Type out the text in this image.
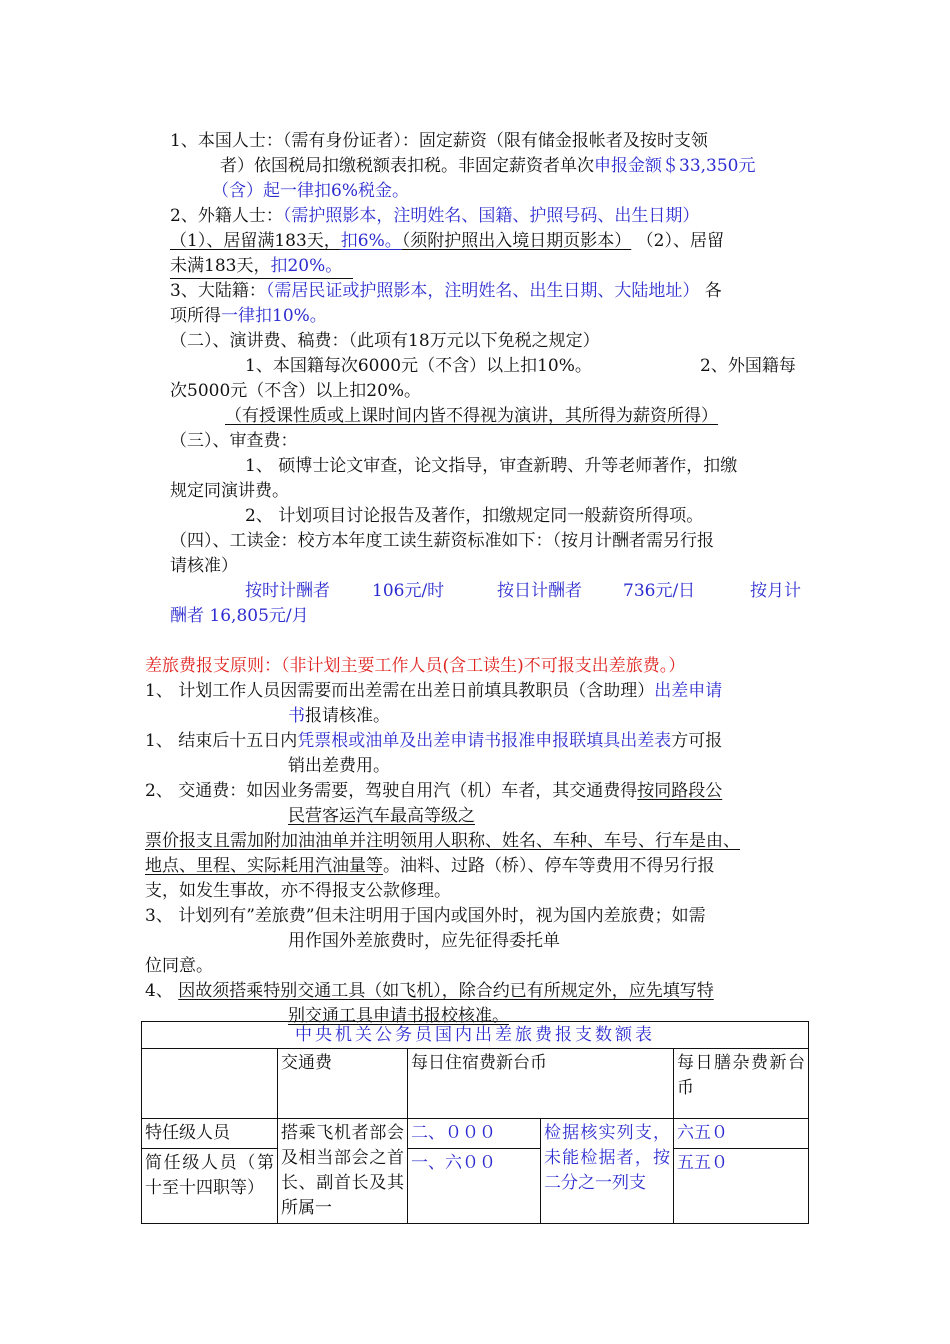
1、本国人士：（需有身份证者）：固定薪资（限有储金报帐者及按时支领
者）依国税局扣缴税额表扣税。非固定薪资者单次申报金额＄33,350元
（含）起一律扣6%税金。
2、外籍人士：（需护照影本，注明姓名、国籍、护照号码、出生日期）
（1）、居留满183天，扣6%。（须附护照出入境日期页影本） （2）、居留
未满183天，扣20%。
3、大陆籍：（需居民证或护照影本，注明姓名、出生日期、大陆地址） 各
项所得一律扣10%。
（二）、演讲费、稿费：（此项有18万元以下免税之规定）
1、本国籍每次6000元（不含）以上扣10%。	2、外国籍每
次5000元（不含）以上扣20%。
（有授课性质或上课时间内皆不得视为演讲，其所得为薪资所得）
（三）、审查费：
1、 硕博士论文审查，论文指导，审查新聘、升等老师著作，扣缴
规定同演讲费。
2、 计划项目讨论报告及著作，扣缴规定同一般薪资所得项。
（四）、工读金：校方本年度工读生薪资标准如下：（按月计酬者需另行报
请核准）
按时计酬者 106元/时	按日计酬者 736元/日	按月计
酬者 16,805元/月
差旅费报支原则：（非计划主要工作人员(含工读生)不可报支出差旅费。）
1、 计划工作人员因需要而出差需在出差日前填具教职员（含助理）出差申请
书报请核准。
1、 结束后十五日内凭票根或油单及出差申请书报准申报联填具出差表方可报
销出差费用。
2、 交通费：如因业务需要，驾驶自用汽（机）车者，其交通费得按同路段公
民营客运汽车最高等级之
票价报支且需加附加油油单并注明领用人职称、姓名、车种、车号、行车是由、
地点、里程、实际耗用汽油量等。油料、过路（桥）、停车等费用不得另行报
支，如发生事故，亦不得报支公款修理。
3、 计划列有”差旅费”但未注明用于国内或国外时，视为国内差旅费；如需
用作国外差旅费时，应先征得委托单
位同意。
4、 因故须搭乘特别交通工具（如飞机），除合约已有所规定外，应先填写特
别交通工具申请书报校核准。
中央机关公务员国内出差旅费报支数额表				
	交通费	每日住宿费新台币		每日膳杂费新台币
特任级人员	搭乘飞机者部会及相当部会之首长、副首长及其所属一	二、０００	检据核实列支，未能检据者，按二分之一列支	六五０
简任级人员（第十至十四职等）		一、六００		五五０
